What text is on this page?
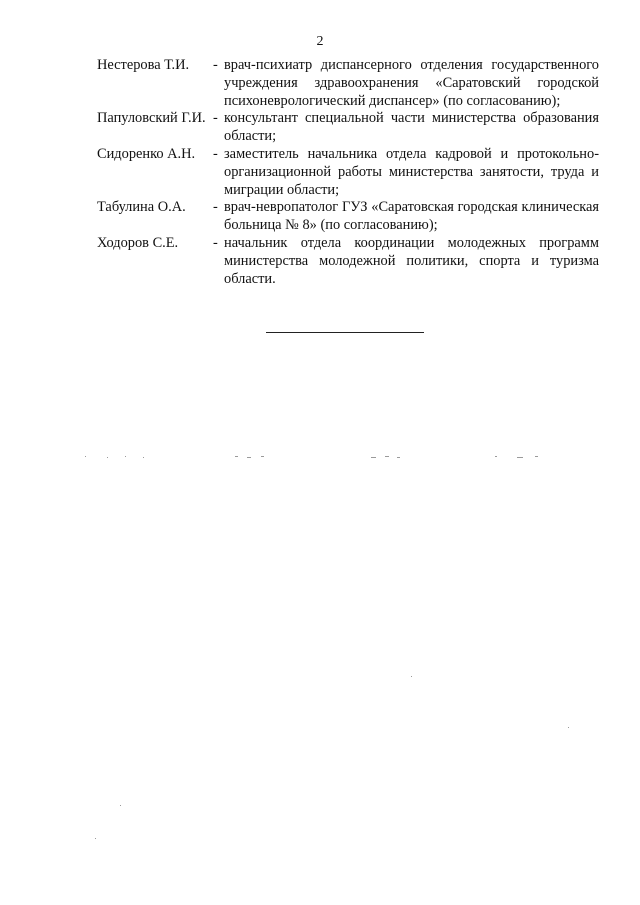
2
Нестерова Т.И.	- врач-психиатр диспансерного отделения государственного учреждения здравоохранения «Саратовский городской психоневрологический диспансер» (по согласованию);
Папуловский Г.И. - консультант специальной части министерства образования области;
Сидоренко А.Н.	- заместитель начальника отдела кадровой и протокольно-организационной работы министерства занятости, труда и миграции области;
Табулина О.А.	- врач-невропатолог ГУЗ «Саратовская городская клиническая больница № 8» (по согласованию);
Ходоров С.Е.	- начальник отдела координации молодежных программ министерства молодежной политики, спорта и туризма области.
